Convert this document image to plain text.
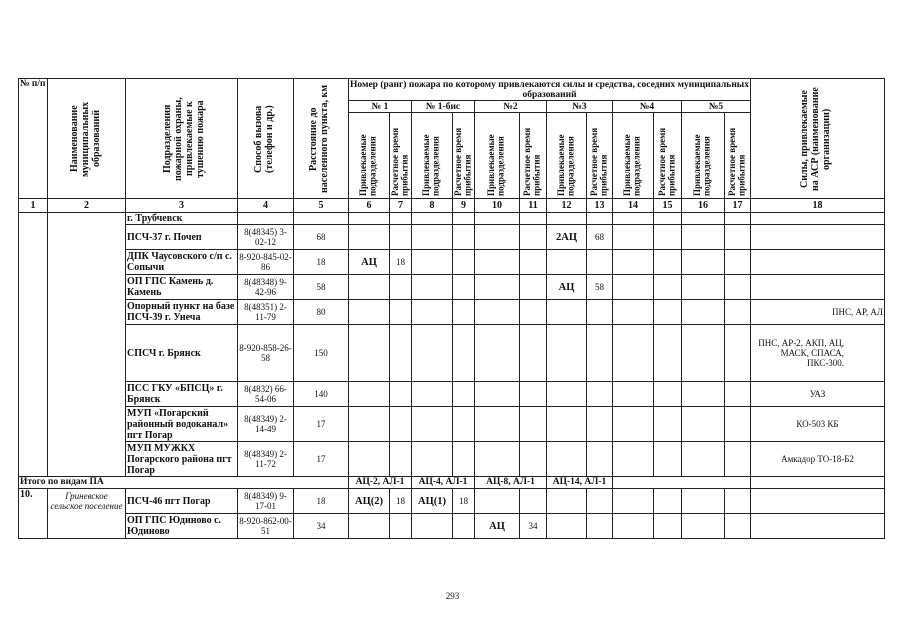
№ п/п	Наименование муниципальных образований	Подразделения пожарной охраны, привлекаемые к тушению пожара	Способ вызова (телефон и др.)	Расстояние до населенного пункта, км	Номер (ранг) пожара по которому привлекаются силы и средства, соседних муниципальных образований												Силы, привлекаемые на АСР (наименование организации)

					№ 1		№ 1-бис		№2		№3		№4		№5		

					Привлекаемые подразделения	Расчетное время прибытия	Привлекаемые подразделения	Расчетное время прибытия	Привлекаемые подразделения	Расчетное время прибытия	Привлекаемые подразделения	Расчетное время прибытия	Привлекаемые подразделения	Расчетное время прибытия	Привлекаемые подразделения	Расчетное время прибытия	

1	2	3	4	5	6	7	8	9	10	11	12	13	14	15	16	17	18
		г. Трубчевск															
		ПСЧ-37 г. Почеп	8(48345) 3-02-12	68							2АЦ	68					
		ДПК Чаусовского с/п с. Сопычи	8-920-845-02-86	18	АЦ	18											
		ОП ГПС Камень д. Камень	8(48348) 9-42-96	58							АЦ	58					
		Опорный пункт на базе ПСЧ-39 г. Унеча	8(48351) 2-11-79	80													ПНС, АР, АЛ
		СПСЧ г. Брянск	8-920-858-26-58	150													ПНС, АР-2, АКП, АЦ, МАСК, СПАСА, ПКС-300.
		ПСС ГКУ «БПСЦ» г. Брянск	8(4832) 66-54-06	140													УАЗ
		МУП «Погарский районный водоканал» пгт Погар	8(48349) 2-14-49	17													КО-503 КБ
		МУП МУЖКХ Погарского района пгт Погар	8(48349) 2-11-72	17													Амкадор ТО-18-Б2
Итого по видам ПА					АЦ-2, АЛ-1		АЦ-4, АЛ-1		АЦ-8, АЛ-1		АЦ-14, АЛ-1						
10.	Гриневское сельское поселение	ПСЧ-46 пгт Погар	8(48349) 9-17-01	18	АЦ(2)	18	АЦ(1)	18									
		ОП ГПС Юдиново с. Юдиново	8-920-862-00-51	34					АЦ	34							
293
